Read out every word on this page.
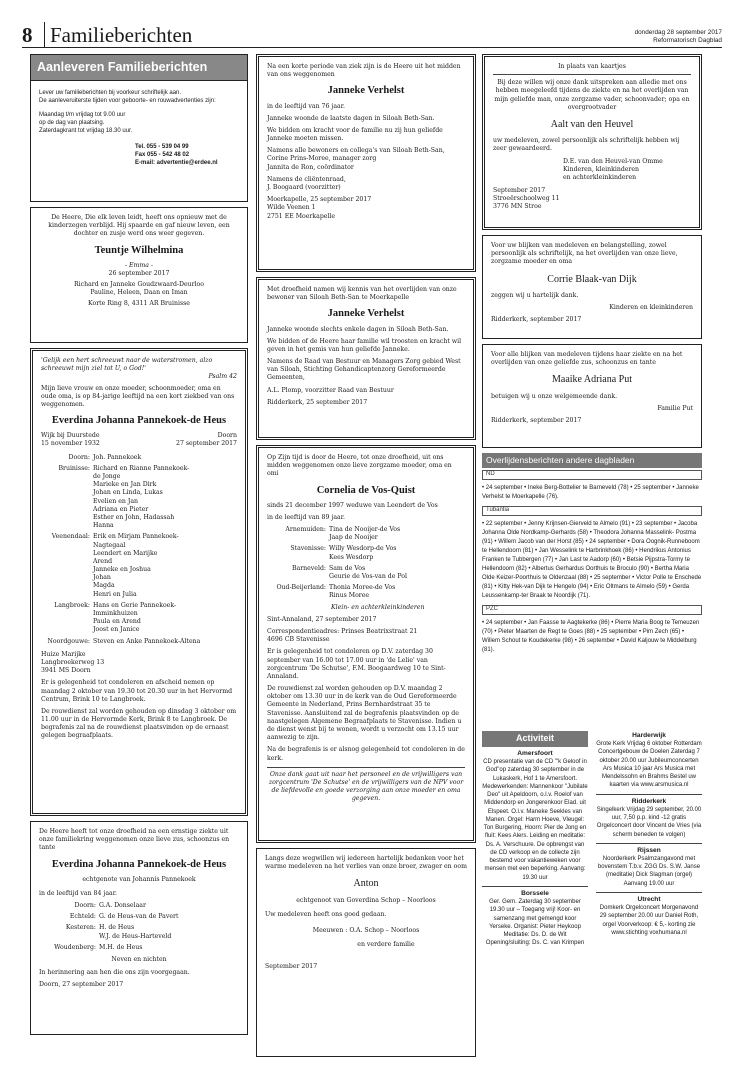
8 Familieberichten	donderdag 28 september 2017
Reformatorisch Dagblad
Aanleveren Familieberichten
Lever uw familieberichten bij voorkeur schriftelijk aan.
De aanleveruiterste tijden voor geboorte- en rouwadvertenties zijn:
Maandag t/m vrijdag tot 9.00 uur
op de dag van plaatsing.
Zaterdagkrant tot vrijdag 18.30 uur.
Tel. 055 - 539 04 99
Fax 055 - 542 48 02
E-mail: advertentie@erdee.nl

De Heere, Die elk leven leidt, heeft ons opnieuw met de kinderzegen verblijd. Hij spaarde en gaf nieuw leven, een dochter en zusje werd ons weer gegeven.

Teuntje Wilhelmina
- Emma -
26 september 2017
Richard en Janneke Goudzwaard-Deurloo
Pauline, Heleen, Daan en Iman
Korte Ring 8, 4311 AR Bruinisse
'Gelijk een hert schreeuwt naar de waterstromen, alzo schreeuwt mijn ziel tot U, o God!'
Psalm 42

Mijn lieve vrouw en onze moeder, schoonmoeder, oma en oude oma, is op 84-jarige leeftijd na een kort ziekbed van ons weggenomen.

Everdina Johanna Pannekoek-de Heus
Wijk bij Duurstede
15 november 1932
Doorn
27 september 2017
Doorn: Joh. Pannekoek
Bruinisse: Richard en Rianne Pannekoek-
de Jonge
Marieke en Jan Dirk
Johan en Linda, Lukas
Evelien en Jan
Adriana en Pieter
Esther en John, Hadassah
Hanna
Veenendaal: Erik en Mirjam Pannekoek-
Nagtegaal
Leendert en Marijke
Arend
Janneke en Joshua
Johan
Magda
Henri en Julia
Langbroek: Hans en Gerie Pannekoek-
Imminkhuizen
Paula en Arend
Joost en Janice
Noordgouwe: Steven en Anke Pannekoek-Altena
Huize Marijke
Langbroekerweg 13
3941 MS Doorn

Er is gelegenheid tot condoleren en afscheid nemen op maandag 2 oktober van 19.30 tot 20.30 uur in het Hervormd Centrum, Brink 10 te Langbroek.

De rouwdienst zal worden gehouden op dinsdag 3 oktober om 11.00 uur in de Hervormde Kerk, Brink 8 te Langbroek. De begrafenis zal na de rouwdienst plaatsvinden op de ernaast gelegen begraafplaats.

De Heere heeft tot onze droefheid na een ernstige ziekte uit onze familiekring weggenomen onze lieve zus, schoonzus en tante

Everdina Johanna Pannekoek-de Heus
echtgenote van Johannis Pannekoek

in de leeftijd van 84 jaar.

Doorn: G.A. Donselaar
Echteld: G. de Heus-van de Pavert
Kesteren: H. de Heus
W.J. de Heus-Harteveld
Woudenberg: M.H. de Heus
Neven en nichten

In herinnering aan hen die ons zijn voorgegaan.

Doorn, 27 september 2017

Na een korte periode van ziek zijn is de Heere uit het midden van ons weggenomen

Janneke Verhelst

in de leeftijd van 76 jaar.

Janneke woonde de laatste dagen in Siloah Beth-San.

We bidden om kracht voor de familie nu zij hun geliefde Janneke moeten missen.

Namens alle bewoners en collega's van Siloah Beth-San,
Corine Prins-Moree, manager zorg
Jannita de Ron, coördinator
Namens de cliëntenraad,
J. Boogaard (voorzitter)
Moerkapelle, 25 september 2017
Wilde Veenen 1
2751 EE Moerkapelle

Met droefheid namen wij kennis van het overlijden van onze bewoner van Siloah Beth-San te Moerkapelle

Janneke Verhelst

Janneke woonde slechts enkele dagen in Siloah Beth-San.

We bidden of de Heere haar familie wil troosten en kracht wil geven in het gemis van hun geliefde Janneke.

Namens de Raad van Bestuur en Managers Zorg gebied West van Siloah, Stichting Gehandicaptenzorg Gereformeerde Gemeenten,

A.L. Plomp, voorzitter Raad van Bestuur

Ridderkerk, 25 september 2017

Op Zijn tijd is door de Heere, tot onze droefheid, uit ons midden weggenomen onze lieve zorgzame moeder, oma en omi

Cornelia de Vos-Quist

sinds 21 december 1997 weduwe van Leendert de Vos

in de leeftijd van 89 jaar.

Arnemuiden: Tina de Nooijer-de Vos
Jaap de Nooijer
Stavenisse: Willy Wesdorp-de Vos
Kees Wesdorp
Barneveld: Sam de Vos
Geurie de Vos-van de Pol
Oud-Beijerland: Thonia Moree-de Vos
Rinus Moree
Klein- en achterkleinkinderen

Sint-Annaland, 27 september 2017

Correspondentieadres: Prinses Beatrixstraat 21

4696 CB Stavenisse

Er is gelegenheid tot condoleren op D.V. zaterdag 30 september van 16.00 tot 17.00 uur in 'de Lelie' van zorgcentrum 'De Schutse', F.M. Boogaardweg 10 te Sint-Annaland.

De rouwdienst zal worden gehouden op D.V. maandag 2 oktober om 13.30 uur in de kerk van de Oud Gereformeerde Gemeente in Nederland, Prins Bernhardstraat 35 te Stavenisse. Aansluitend zal de begrafenis plaatsvinden op de naastgelegen Algemene Begraafplaats te Stavenisse. Indien u de dienst wenst bij te wonen, wordt u verzocht om 13.15 uur aanwezig te zijn.

Na de begrafenis is er alsnog gelegenheid tot condoleren in de kerk.

Onze dank gaat uit naar het personeel en de vrijwilligers van zorgcentrum 'De Schutse' en de vrijwilligers van de NPV voor de liefdevolle en goede verzorging aan onze moeder en oma gegeven.

Langs deze wegwillen wij iedereen hartelijk bedanken voor het warme medeleven na het verlies van onze broer, zwager en oom

Anton

echtgenoot van Goverdina Schop – Noorloos

Uw medeleven heeft ons goed gedaan.

Meeuwen : O.A. Schop – Noorloos
en verdere familie
September 2017
In plaats van kaartjes

Bij deze willen wij onze dank uitspreken aan alledie met ons hebben meegeleefd tijdens de ziekte en na het overlijden van mijn geliefde man, onze zorgzame vader, schoonvader; opa en overgrootvader

Aalt van den Heuvel

uw medeleven, zowel persoonlijk als schriftelijk hebben wij zeer gewaardeerd.

D.E. van den Heuvel-van Omme
Kinderen, kleinkinderen
en achterkleinkinderen
September 2017
Stroeërschoolweg 11
3776 MN Stroe

Voor uw blijken van medeleven en belangstelling, zowel persoonlijk als schriftelijk, na het overlijden van onze lieve, zorgzame moeder en oma

Corrie Blaak-van Dijk

zeggen wij u hartelijk dank.

Kinderen en kleinkinderen

Ridderkerk, september 2017

Voor alle blijken van medeleven tijdens haar ziekte en na het overlijden van onze geliefde zus, schoonzus en tante

Maaike Adriana Put

betuigen wij u onze welgemeende dank.

Familie Put

Ridderkerk, september 2017
Overlijdensberichten andere dagbladen
ND
• 24 september • Ineke Berg-Bottelier te Barneveld (78) • 25 september • Janneke Verhelst te Moerkapelle (76).
Tubantia
• 22 september • Jenny Krijnsen-Gierveld te Almelo (91) • 23 september • Jacoba Johanna Olde Nordkamp-Gerhards (58) • Theodora Johanna Masselink- Postma (91) • Willem Jacob van der Horst (85) • 24 september • Dora Oognik-Runneboom te Hellendoorn (81) • Jan Wesselink te Harbrinkhoek (86) • Hendrikus Antonius Franken te Tubbergen (77) • Jan Last te Aadorp (60) • Betsie Pijpstra-Tormy te Hellendoorn (82) • Albertus Gerhardus Oorthuis te Broculo (90) • Bertha Maria Olde Keizer-Poorthuis te Oldenzaal (88) • 25 september • Victor Polle te Enschede (81) • Kitty Hek-van Dijk te Hengelo (94) • Eric Oltmans te Almelo (59) • Gerda Leussenkamp-ter Braak te Noordijk (71).
PZC
• 24 september • Jan Faasse te Aagtekerke (86) • Pierre Maria Boog te Temeuzen (70) • Pieter Maarten de Regt te Goes (88) • 25 september • Pim Zech (65) • Willem Schout te Koudekerke (98) • 26 september • David Kaljouw te Middelburg (81).
Activiteit
Amersfoort
CD presentatie van de CD "'k Geloof in God"op zaterdag 30 september in de Lukaskerk, Hof 1 te Amersfoort. Medewerkenden: Mannenkoor "Jubilate Deo" uit Apeldoorn, o.l.v. Roelof van Middendorp en Jongerenkoor Elad. uit Elspeet. O.l.v. Maneke Seekles van Manen. Orgel: Harm Hoeve, Vleugel: Ton Burgering, Hoorn: Pier de Jong en fluit: Kees Alers. Leiding en meditatie: Ds. A. Verschuure. De opbrengst van de CD verkoop en de collecte zijn bestemd voor vakantieweken voor mensen met een beperking. Aanvang: 19.30 uur
Borssele
Ger. Gem. Zaterdag 30 september 19.30 uur – Toegang vrij! Koor- en samenzang met gemengd koor Yerseke. Organist: Pieter Heykoop Meditatie: Ds. D. de Wit Opening/sluiting: Ds. C. van Krimpen
Harderwijk
Grote Kerk Vrijdag 6 oktober Rotterdam Concertgebouw de Doelen Zaterdag 7 oktober 20.00 uur Jubileumconcerten Ars Musica 10 jaar Ars Musica met Mendelssohn en Brahms Bestel uw kaarten via www.arsmusica.nl
Ridderkerk
Singelkerk Vrijdag 29 september, 20.00 uur, 7,50 p.p. kind -12 gratis Orgelconcert door Vincent de Vries (via scherm beneden te volgen)
Rijssen
Noorderkerk Psalmzangavond met bovenstem T.b.v. ZGG Ds. S.W. Janse (meditatie) Dick Slagman (orgel) Aanvang 19.00 uur
Utrecht
Domkerk Orgelconcert Morgenavond 29 september 20.00 uur Daniel Roth, orgel Voorverkoop: € 5,- korting zie www.stichting voxhumana.nl
